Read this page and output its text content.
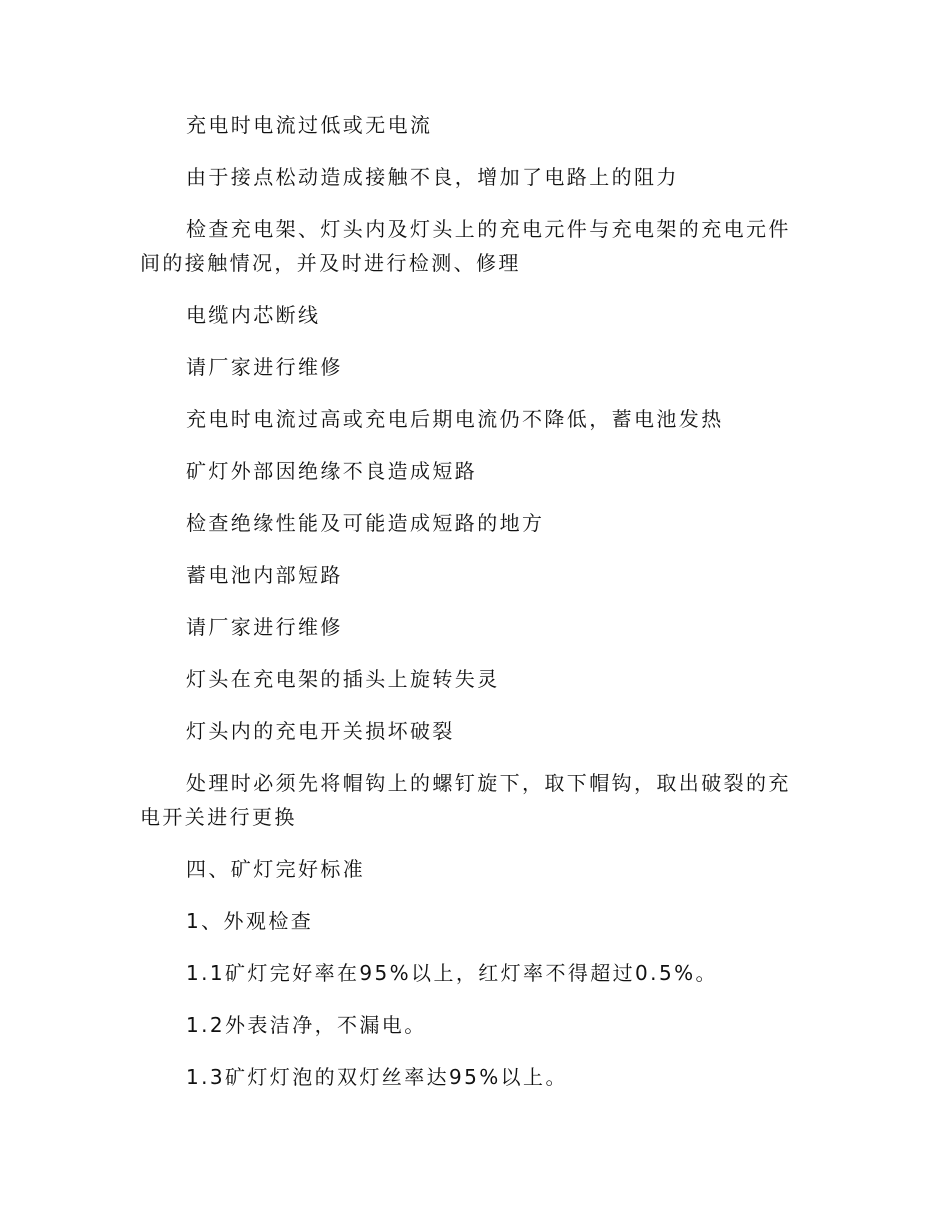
充电时电流过低或无电流

由于接点松动造成接触不良，增加了电路上的阻力

检查充电架、灯头内及灯头上的充电元件与充电架的充电元件间的接触情况，并及时进行检测、修理

电缆内芯断线

请厂家进行维修

充电时电流过高或充电后期电流仍不降低，蓄电池发热

矿灯外部因绝缘不良造成短路

检查绝缘性能及可能造成短路的地方

蓄电池内部短路

请厂家进行维修

灯头在充电架的插头上旋转失灵

灯头内的充电开关损坏破裂

处理时必须先将帽钩上的螺钉旋下，取下帽钩，取出破裂的充电开关进行更换

四、矿灯完好标准

1、外观检查

1.1矿灯完好率在95%以上，红灯率不得超过0.5%。

1.2外表洁净，不漏电。

1.3矿灯灯泡的双灯丝率达95%以上。
